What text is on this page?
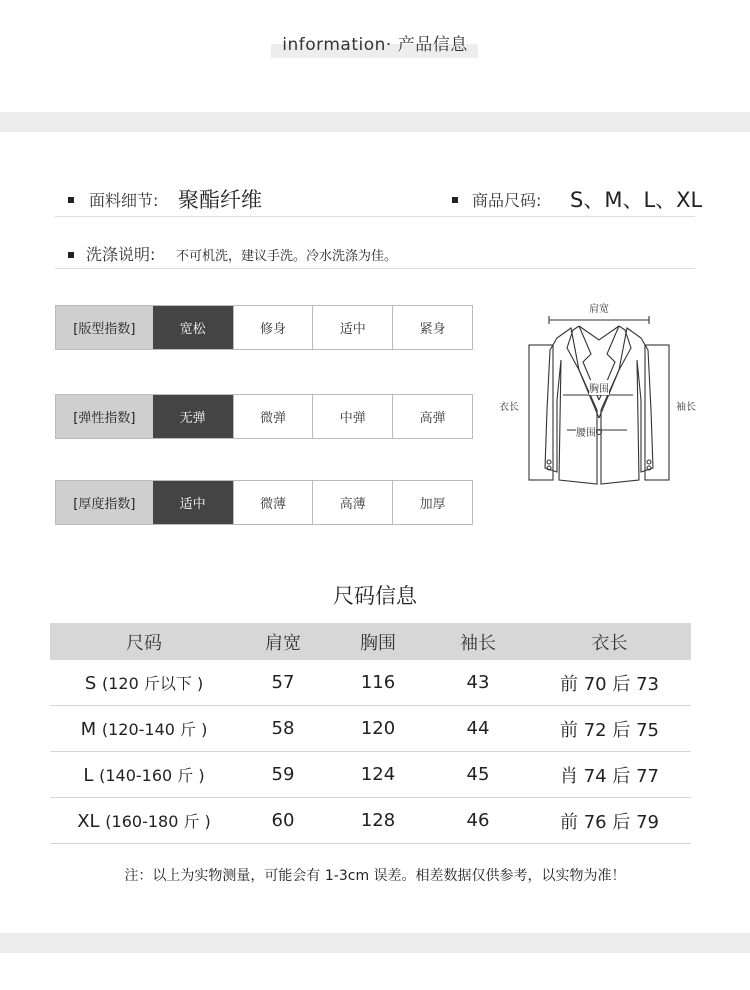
information· 产品信息
面料细节: 聚酯纤维	商品尺码: S、M、L、XL
洗涤说明: 不可机洗，建议手洗。冷水洗涤为佳。
[版型指数]	宽松	修身	适中	紧身
[弹性指数]	无弹	微弹	中弹	高弹
[厚度指数]	适中	微薄	高薄	加厚
肩宽
胸围
腰围
衣长	袖长
尺码信息
尺码	肩宽	胸围	袖长	衣长
S (120 斤以下 )	57	116	43	前 70 后 73
M (120-140 斤 )	58	120	44	前 72 后 75
L (140-160 斤 )	59	124	45	肖 74 后 77
XL (160-180 斤 )	60	128	46	前 76 后 79
注：以上为实物测量，可能会有 1-3cm 误差。相差数据仅供参考，以实物为准！
